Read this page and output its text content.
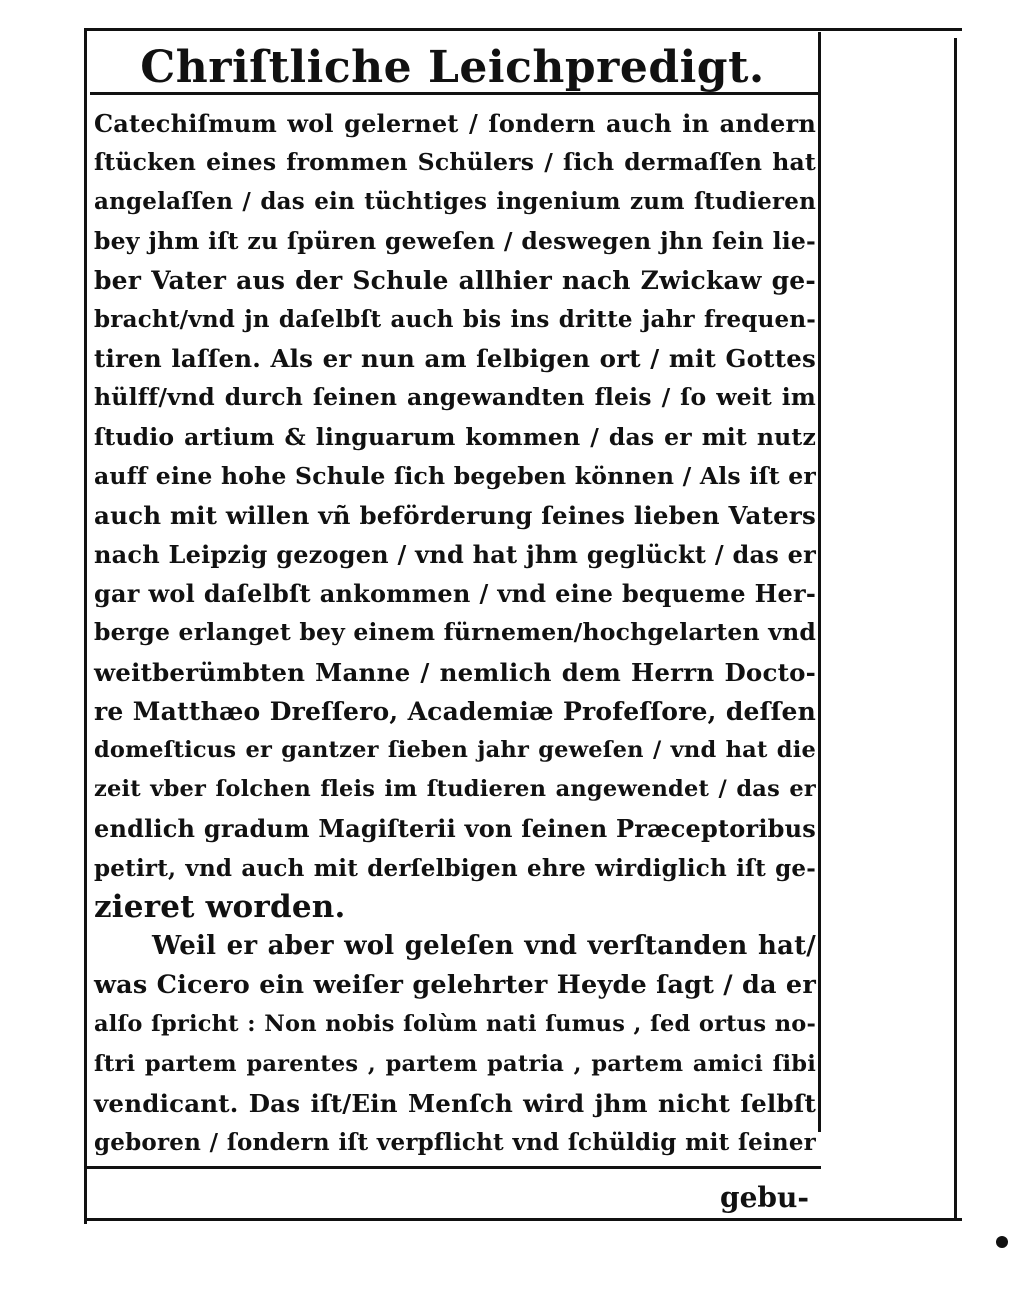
Chriſtliche Leichpredigt.
Catechiſmum wol gelernet / ſondern auch in andern
ſtücken eines frommen Schülers / ſich dermaſſen hat
angelaſſen / das ein tüchtiges ingenium zum ſtudieren
bey jhm iſt zu ſpüren geweſen / deswegen jhn ſein lie-
ber Vater aus der Schule allhier nach Zwickaw ge-
bracht/vnd jn daſelbſt auch bis ins dritte jahr frequen-
tiren laſſen. Als er nun am ſelbigen ort / mit Gottes
hülff/vnd durch ſeinen angewandten fleis / ſo weit im
ſtudio artium & linguarum kommen / das er mit nutz
auff eine hohe Schule ſich begeben können / Als iſt er
auch mit willen vñ beförderung ſeines lieben Vaters
nach Leipzig gezogen / vnd hat jhm geglückt / das er
gar wol daſelbſt ankommen / vnd eine bequeme Her-
berge erlanget bey einem fürnemen/hochgelarten vnd
weitberümbten Manne / nemlich dem Herrn Docto-
re Matthæo Dreſſero, Academiæ Profeſſore, deſſen
domeſticus er gantzer ſieben jahr geweſen / vnd hat die
zeit vber ſolchen fleis im ſtudieren angewendet / das er
endlich gradum Magiſterii von ſeinen Præceptoribus
petirt, vnd auch mit derſelbigen ehre wirdiglich iſt ge-
zieret worden.
Weil er aber wol geleſen vnd verſtanden hat/
was Cicero ein weiſer gelehrter Heyde ſagt / da er
alſo ſpricht : Non nobis ſolùm nati ſumus , ſed ortus no-
ſtri partem parentes , partem patria , partem amici ſibi
vendicant. Das iſt/Ein Menſch wird jhm nicht ſelbſt
geboren / ſondern iſt verpflicht vnd ſchüldig mit ſeiner
gebu-
